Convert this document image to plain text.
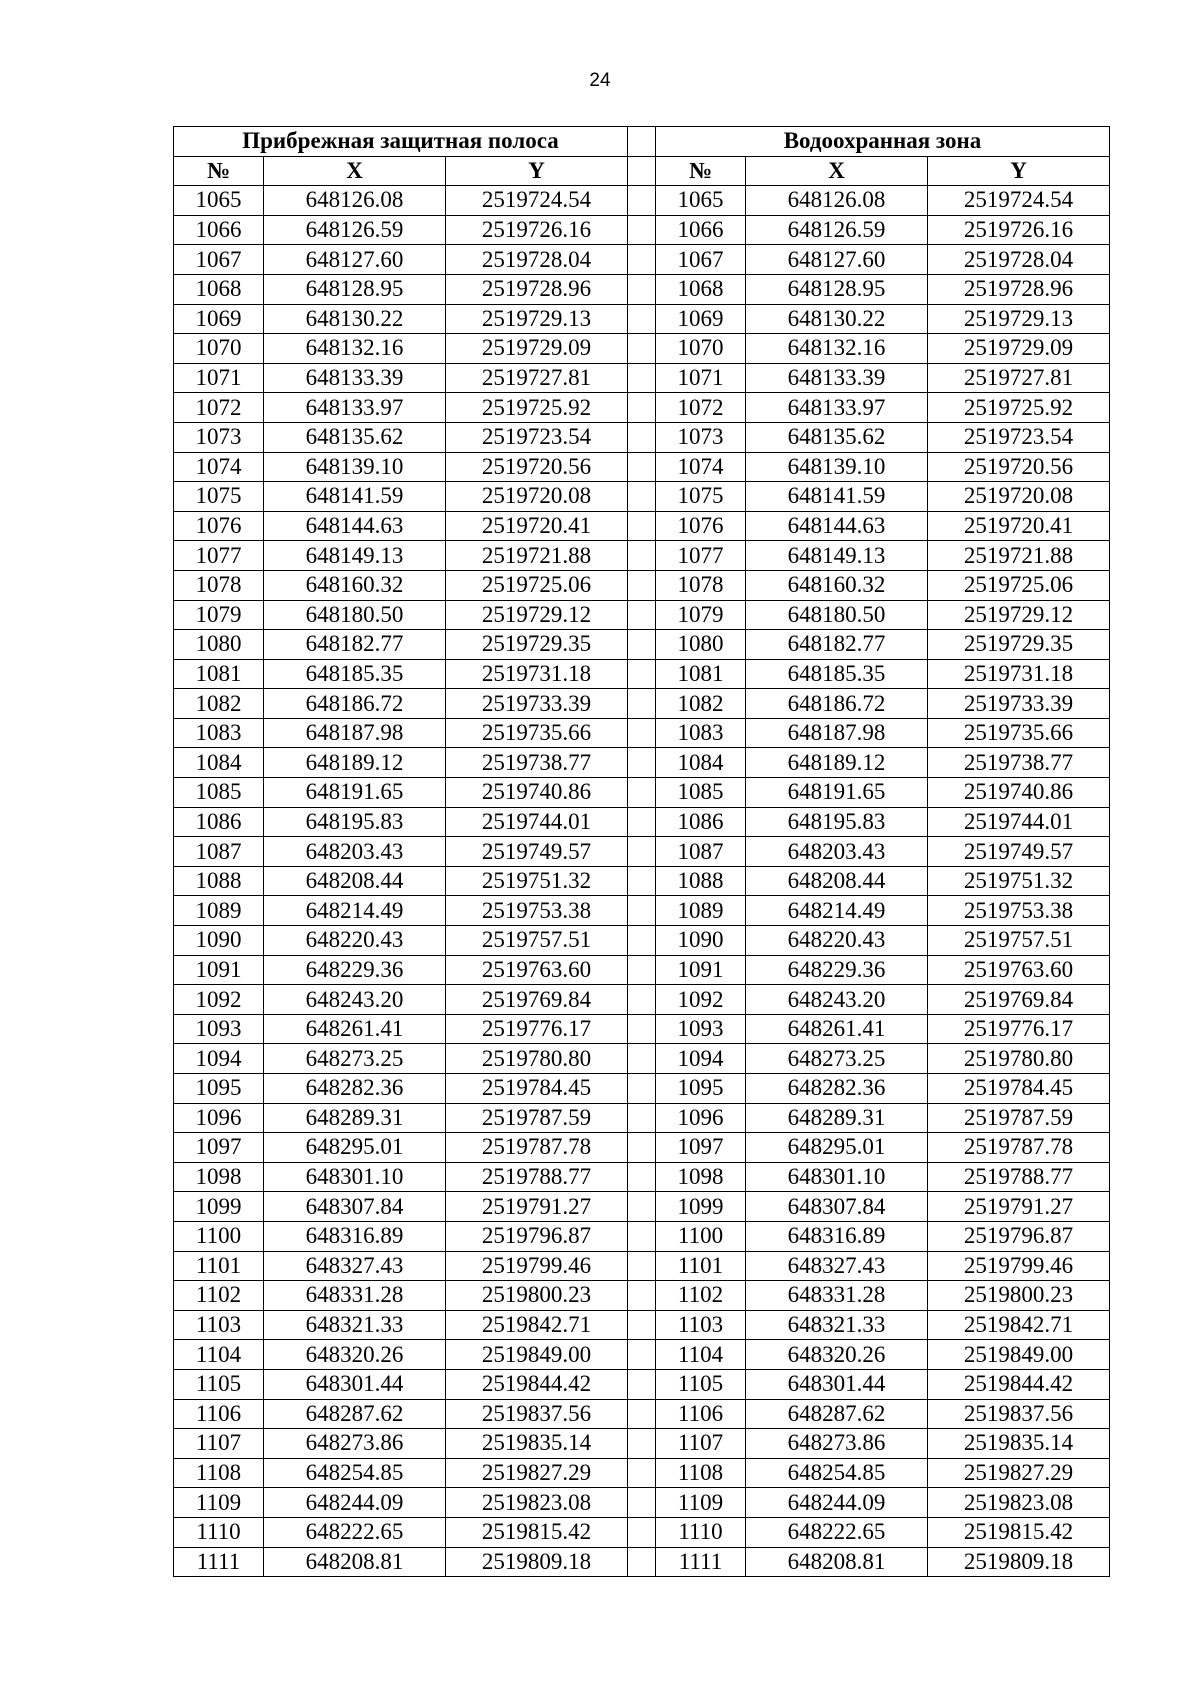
24
Прибрежная защитная полоса				Водоохранная зона		
№	X	Y		№	X	Y
1065	648126.08	2519724.54		1065	648126.08	2519724.54
1066	648126.59	2519726.16		1066	648126.59	2519726.16
1067	648127.60	2519728.04		1067	648127.60	2519728.04
1068	648128.95	2519728.96		1068	648128.95	2519728.96
1069	648130.22	2519729.13		1069	648130.22	2519729.13
1070	648132.16	2519729.09		1070	648132.16	2519729.09
1071	648133.39	2519727.81		1071	648133.39	2519727.81
1072	648133.97	2519725.92		1072	648133.97	2519725.92
1073	648135.62	2519723.54		1073	648135.62	2519723.54
1074	648139.10	2519720.56		1074	648139.10	2519720.56
1075	648141.59	2519720.08		1075	648141.59	2519720.08
1076	648144.63	2519720.41		1076	648144.63	2519720.41
1077	648149.13	2519721.88		1077	648149.13	2519721.88
1078	648160.32	2519725.06		1078	648160.32	2519725.06
1079	648180.50	2519729.12		1079	648180.50	2519729.12
1080	648182.77	2519729.35		1080	648182.77	2519729.35
1081	648185.35	2519731.18		1081	648185.35	2519731.18
1082	648186.72	2519733.39		1082	648186.72	2519733.39
1083	648187.98	2519735.66		1083	648187.98	2519735.66
1084	648189.12	2519738.77		1084	648189.12	2519738.77
1085	648191.65	2519740.86		1085	648191.65	2519740.86
1086	648195.83	2519744.01		1086	648195.83	2519744.01
1087	648203.43	2519749.57		1087	648203.43	2519749.57
1088	648208.44	2519751.32		1088	648208.44	2519751.32
1089	648214.49	2519753.38		1089	648214.49	2519753.38
1090	648220.43	2519757.51		1090	648220.43	2519757.51
1091	648229.36	2519763.60		1091	648229.36	2519763.60
1092	648243.20	2519769.84		1092	648243.20	2519769.84
1093	648261.41	2519776.17		1093	648261.41	2519776.17
1094	648273.25	2519780.80		1094	648273.25	2519780.80
1095	648282.36	2519784.45		1095	648282.36	2519784.45
1096	648289.31	2519787.59		1096	648289.31	2519787.59
1097	648295.01	2519787.78		1097	648295.01	2519787.78
1098	648301.10	2519788.77		1098	648301.10	2519788.77
1099	648307.84	2519791.27		1099	648307.84	2519791.27
1100	648316.89	2519796.87		1100	648316.89	2519796.87
1101	648327.43	2519799.46		1101	648327.43	2519799.46
1102	648331.28	2519800.23		1102	648331.28	2519800.23
1103	648321.33	2519842.71		1103	648321.33	2519842.71
1104	648320.26	2519849.00		1104	648320.26	2519849.00
1105	648301.44	2519844.42		1105	648301.44	2519844.42
1106	648287.62	2519837.56		1106	648287.62	2519837.56
1107	648273.86	2519835.14		1107	648273.86	2519835.14
1108	648254.85	2519827.29		1108	648254.85	2519827.29
1109	648244.09	2519823.08		1109	648244.09	2519823.08
1110	648222.65	2519815.42		1110	648222.65	2519815.42
1111	648208.81	2519809.18		1111	648208.81	2519809.18
